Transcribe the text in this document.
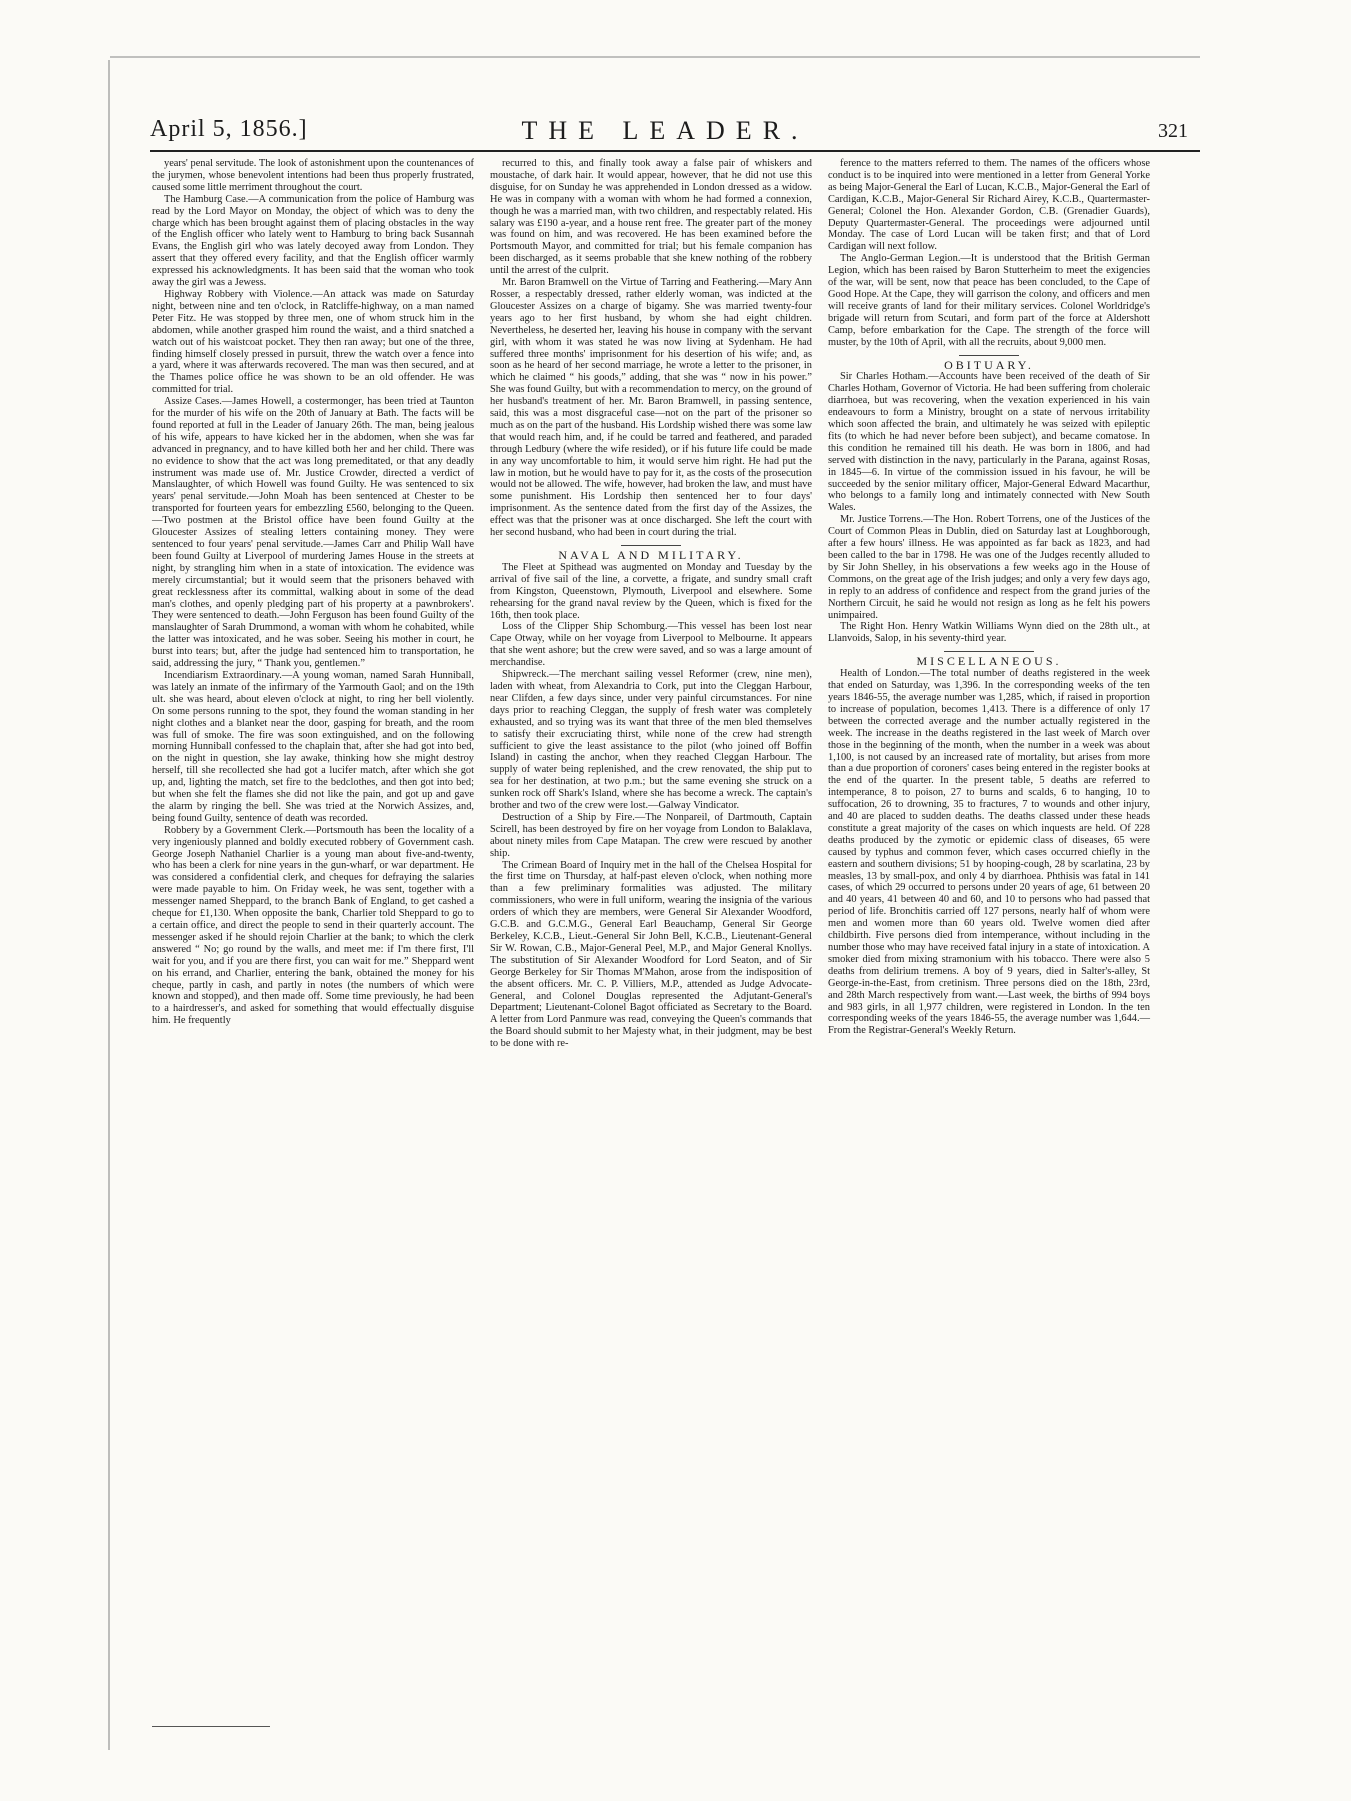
April 5, 1856.]	THE LEADER.	321

years' penal servitude. The look of astonishment upon the countenances of the jurymen, whose benevolent intentions had been thus properly frustrated, caused some little merriment throughout the court.

The Hamburg Case.—A communication from the police of Hamburg was read by the Lord Mayor on Monday, the object of which was to deny the charge which has been brought against them of placing obstacles in the way of the English officer who lately went to Hamburg to bring back Susannah Evans, the English girl who was lately decoyed away from London. They assert that they offered every facility, and that the English officer warmly expressed his acknowledgments. It has been said that the woman who took away the girl was a Jewess.

Highway Robbery with Violence.—An attack was made on Saturday night, between nine and ten o'clock, in Ratcliffe-highway, on a man named Peter Fitz. He was stopped by three men, one of whom struck him in the abdomen, while another grasped him round the waist, and a third snatched a watch out of his waistcoat pocket. They then ran away; but one of the three, finding himself closely pressed in pursuit, threw the watch over a fence into a yard, where it was afterwards recovered. The man was then secured, and at the Thames police office he was shown to be an old offender. He was committed for trial.

Assize Cases.—James Howell, a costermonger, has been tried at Taunton for the murder of his wife on the 20th of January at Bath. The facts will be found reported at full in the Leader of January 26th. The man, being jealous of his wife, appears to have kicked her in the abdomen, when she was far advanced in pregnancy, and to have killed both her and her child. There was no evidence to show that the act was long premeditated, or that any deadly instrument was made use of. Mr. Justice Crowder, directed a verdict of Manslaughter, of which Howell was found Guilty. He was sentenced to six years' penal servitude.—John Moah has been sentenced at Chester to be transported for fourteen years for embezzling £560, belonging to the Queen.—Two postmen at the Bristol office have been found Guilty at the Gloucester Assizes of stealing letters containing money. They were sentenced to four years' penal servitude.—James Carr and Philip Wall have been found Guilty at Liverpool of murdering James House in the streets at night, by strangling him when in a state of intoxication. The evidence was merely circumstantial; but it would seem that the prisoners behaved with great recklessness after its committal, walking about in some of the dead man's clothes, and openly pledging part of his property at a pawnbrokers'. They were sentenced to death.—John Ferguson has been found Guilty of the manslaughter of Sarah Drummond, a woman with whom he cohabited, while the latter was intoxicated, and he was sober. Seeing his mother in court, he burst into tears; but, after the judge had sentenced him to transportation, he said, addressing the jury, “ Thank you, gentlemen.”

Incendiarism Extraordinary.—A young woman, named Sarah Hunniball, was lately an inmate of the infirmary of the Yarmouth Gaol; and on the 19th ult. she was heard, about eleven o'clock at night, to ring her bell violently. On some persons running to the spot, they found the woman standing in her night clothes and a blanket near the door, gasping for breath, and the room was full of smoke. The fire was soon extinguished, and on the following morning Hunniball confessed to the chaplain that, after she had got into bed, on the night in question, she lay awake, thinking how she might destroy herself, till she recollected she had got a lucifer match, after which she got up, and, lighting the match, set fire to the bedclothes, and then got into bed; but when she felt the flames she did not like the pain, and got up and gave the alarm by ringing the bell. She was tried at the Norwich Assizes, and, being found Guilty, sentence of death was recorded.

Robbery by a Government Clerk.—Portsmouth has been the locality of a very ingeniously planned and boldly executed robbery of Government cash. George Joseph Nathaniel Charlier is a young man about five-and-twenty, who has been a clerk for nine years in the gun-wharf, or war department. He was considered a confidential clerk, and cheques for defraying the salaries were made payable to him. On Friday week, he was sent, together with a messenger named Sheppard, to the branch Bank of England, to get cashed a cheque for £1,130. When opposite the bank, Charlier told Sheppard to go to a certain office, and direct the people to send in their quarterly account. The messenger asked if he should rejoin Charlier at the bank; to which the clerk answered “ No; go round by the walls, and meet me: if I'm there first, I'll wait for you, and if you are there first, you can wait for me.” Sheppard went on his errand, and Charlier, entering the bank, obtained the money for his cheque, partly in cash, and partly in notes (the numbers of which were known and stopped), and then made off. Some time previously, he had been to a hairdresser's, and asked for something that would effectually disguise him. He frequently

recurred to this, and finally took away a false pair of whiskers and moustache, of dark hair. It would appear, however, that he did not use this disguise, for on Sunday he was apprehended in London dressed as a widow. He was in company with a woman with whom he had formed a connexion, though he was a married man, with two children, and respectably related. His salary was £190 a-year, and a house rent free. The greater part of the money was found on him, and was recovered. He has been examined before the Portsmouth Mayor, and committed for trial; but his female companion has been discharged, as it seems probable that she knew nothing of the robbery until the arrest of the culprit.

Mr. Baron Bramwell on the Virtue of Tarring and Feathering.—Mary Ann Rosser, a respectably dressed, rather elderly woman, was indicted at the Gloucester Assizes on a charge of bigamy. She was married twenty-four years ago to her first husband, by whom she had eight children. Nevertheless, he deserted her, leaving his house in company with the servant girl, with whom it was stated he was now living at Sydenham. He had suffered three months' imprisonment for his desertion of his wife; and, as soon as he heard of her second marriage, he wrote a letter to the prisoner, in which he claimed “ his goods,” adding, that she was “ now in his power.” She was found Guilty, but with a recommendation to mercy, on the ground of her husband's treatment of her. Mr. Baron Bramwell, in passing sentence, said, this was a most disgraceful case—not on the part of the prisoner so much as on the part of the husband. His Lordship wished there was some law that would reach him, and, if he could be tarred and feathered, and paraded through Ledbury (where the wife resided), or if his future life could be made in any way uncomfortable to him, it would serve him right. He had put the law in motion, but he would have to pay for it, as the costs of the prosecution would not be allowed. The wife, however, had broken the law, and must have some punishment. His Lordship then sentenced her to four days' imprisonment. As the sentence dated from the first day of the Assizes, the effect was that the prisoner was at once discharged. She left the court with her second husband, who had been in court during the trial.

NAVAL AND MILITARY.

The Fleet at Spithead was augmented on Monday and Tuesday by the arrival of five sail of the line, a corvette, a frigate, and sundry small craft from Kingston, Queenstown, Plymouth, Liverpool and elsewhere. Some rehearsing for the grand naval review by the Queen, which is fixed for the 16th, then took place.

Loss of the Clipper Ship Schomburg.—This vessel has been lost near Cape Otway, while on her voyage from Liverpool to Melbourne. It appears that she went ashore; but the crew were saved, and so was a large amount of merchandise.

Shipwreck.—The merchant sailing vessel Reformer (crew, nine men), laden with wheat, from Alexandria to Cork, put into the Cleggan Harbour, near Clifden, a few days since, under very painful circumstances. For nine days prior to reaching Cleggan, the supply of fresh water was completely exhausted, and so trying was its want that three of the men bled themselves to satisfy their excruciating thirst, while none of the crew had strength sufficient to give the least assistance to the pilot (who joined off Boffin Island) in casting the anchor, when they reached Cleggan Harbour. The supply of water being replenished, and the crew renovated, the ship put to sea for her destination, at two p.m.; but the same evening she struck on a sunken rock off Shark's Island, where she has become a wreck. The captain's brother and two of the crew were lost.—Galway Vindicator.

Destruction of a Ship by Fire.—The Nonpareil, of Dartmouth, Captain Scirell, has been destroyed by fire on her voyage from London to Balaklava, about ninety miles from Cape Matapan. The crew were rescued by another ship.

The Crimean Board of Inquiry met in the hall of the Chelsea Hospital for the first time on Thursday, at half-past eleven o'clock, when nothing more than a few preliminary formalities was adjusted. The military commissioners, who were in full uniform, wearing the insignia of the various orders of which they are members, were General Sir Alexander Woodford, G.C.B. and G.C.M.G., General Earl Beauchamp, General Sir George Berkeley, K.C.B., Lieut.-General Sir John Bell, K.C.B., Lieutenant-General Sir W. Rowan, C.B., Major-General Peel, M.P., and Major General Knollys. The substitution of Sir Alexander Woodford for Lord Seaton, and of Sir George Berkeley for Sir Thomas M'Mahon, arose from the indisposition of the absent officers. Mr. C. P. Villiers, M.P., attended as Judge Advocate-General, and Colonel Douglas represented the Adjutant-General's Department; Lieutenant-Colonel Bagot officiated as Secretary to the Board. A letter from Lord Panmure was read, conveying the Queen's commands that the Board should submit to her Majesty what, in their judgment, may be best to be done with re-

ference to the matters referred to them. The names of the officers whose conduct is to be inquired into were mentioned in a letter from General Yorke as being Major-General the Earl of Lucan, K.C.B., Major-General the Earl of Cardigan, K.C.B., Major-General Sir Richard Airey, K.C.B., Quartermaster-General; Colonel the Hon. Alexander Gordon, C.B. (Grenadier Guards), Deputy Quartermaster-General. The proceedings were adjourned until Monday. The case of Lord Lucan will be taken first; and that of Lord Cardigan will next follow.

The Anglo-German Legion.—It is understood that the British German Legion, which has been raised by Baron Stutterheim to meet the exigencies of the war, will be sent, now that peace has been concluded, to the Cape of Good Hope. At the Cape, they will garrison the colony, and officers and men will receive grants of land for their military services. Colonel Worldridge's brigade will return from Scutari, and form part of the force at Aldershott Camp, before embarkation for the Cape. The strength of the force will muster, by the 10th of April, with all the recruits, about 9,000 men.

OBITUARY.

Sir Charles Hotham.—Accounts have been received of the death of Sir Charles Hotham, Governor of Victoria. He had been suffering from choleraic diarrhoea, but was recovering, when the vexation experienced in his vain endeavours to form a Ministry, brought on a state of nervous irritability which soon affected the brain, and ultimately he was seized with epileptic fits (to which he had never before been subject), and became comatose. In this condition he remained till his death. He was born in 1806, and had served with distinction in the navy, particularly in the Parana, against Rosas, in 1845—6. In virtue of the commission issued in his favour, he will be succeeded by the senior military officer, Major-General Edward Macarthur, who belongs to a family long and intimately connected with New South Wales.

Mr. Justice Torrens.—The Hon. Robert Torrens, one of the Justices of the Court of Common Pleas in Dublin, died on Saturday last at Loughborough, after a few hours' illness. He was appointed as far back as 1823, and had been called to the bar in 1798. He was one of the Judges recently alluded to by Sir John Shelley, in his observations a few weeks ago in the House of Commons, on the great age of the Irish judges; and only a very few days ago, in reply to an address of confidence and respect from the grand juries of the Northern Circuit, he said he would not resign as long as he felt his powers unimpaired.

The Right Hon. Henry Watkin Williams Wynn died on the 28th ult., at Llanvoids, Salop, in his seventy-third year.

MISCELLANEOUS.

Health of London.—The total number of deaths registered in the week that ended on Saturday, was 1,396. In the corresponding weeks of the ten years 1846-55, the average number was 1,285, which, if raised in proportion to increase of population, becomes 1,413. There is a difference of only 17 between the corrected average and the number actually registered in the week. The increase in the deaths registered in the last week of March over those in the beginning of the month, when the number in a week was about 1,100, is not caused by an increased rate of mortality, but arises from more than a due proportion of coroners' cases being entered in the register books at the end of the quarter. In the present table, 5 deaths are referred to intemperance, 8 to poison, 27 to burns and scalds, 6 to hanging, 10 to suffocation, 26 to drowning, 35 to fractures, 7 to wounds and other injury, and 40 are placed to sudden deaths. The deaths classed under these heads constitute a great majority of the cases on which inquests are held. Of 228 deaths produced by the zymotic or epidemic class of diseases, 65 were caused by typhus and common fever, which cases occurred chiefly in the eastern and southern divisions; 51 by hooping-cough, 28 by scarlatina, 23 by measles, 13 by small-pox, and only 4 by diarrhoea. Phthisis was fatal in 141 cases, of which 29 occurred to persons under 20 years of age, 61 between 20 and 40 years, 41 between 40 and 60, and 10 to persons who had passed that period of life. Bronchitis carried off 127 persons, nearly half of whom were men and women more than 60 years old. Twelve women died after childbirth. Five persons died from intemperance, without including in the number those who may have received fatal injury in a state of intoxication. A smoker died from mixing stramonium with his tobacco. There were also 5 deaths from delirium tremens. A boy of 9 years, died in Salter's-alley, St George-in-the-East, from cretinism. Three persons died on the 18th, 23rd, and 28th March respectively from want.—Last week, the births of 994 boys and 983 girls, in all 1,977 children, were registered in London. In the ten corresponding weeks of the years 1846-55, the average number was 1,644.—From the Registrar-General's Weekly Return.
